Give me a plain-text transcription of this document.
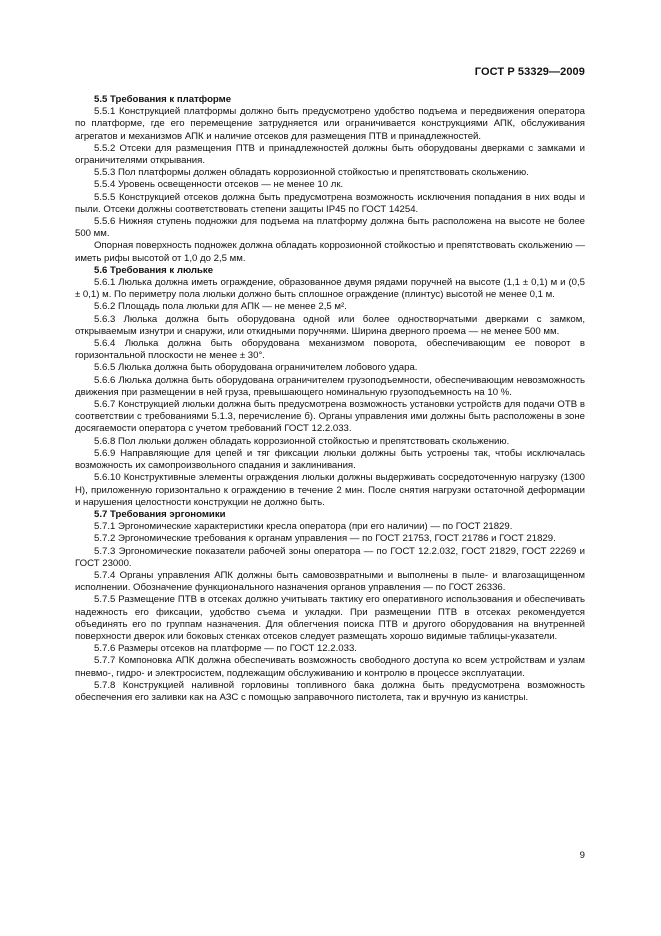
ГОСТ Р 53329—2009
5.5 Требования к платформе

5.5.1 Конструкцией платформы должно быть предусмотрено удобство подъема и передвижения оператора по платформе, где его перемещение затрудняется или ограничивается конструкциями АПК, обслуживания агрегатов и механизмов АПК и наличие отсеков для размещения ПТВ и принадлежностей.

5.5.2 Отсеки для размещения ПТВ и принадлежностей должны быть оборудованы дверками с замками и ограничителями открывания.

5.5.3 Пол платформы должен обладать коррозионной стойкостью и препятствовать скольжению.

5.5.4 Уровень освещенности отсеков — не менее 10 лк.

5.5.5 Конструкцией отсеков должна быть предусмотрена возможность исключения попадания в них воды и пыли. Отсеки должны соответствовать степени защиты IP45 по ГОСТ 14254.

5.5.6 Нижняя ступень подножки для подъема на платформу должна быть расположена на высоте не более 500 мм.

Опорная поверхность подножек должна обладать коррозионной стойкостью и препятствовать скольжению — иметь рифы высотой от 1,0 до 2,5 мм.

5.6 Требования к люльке

5.6.1 Люлька должна иметь ограждение, образованное двумя рядами поручней на высоте (1,1 ± 0,1) м и (0,5 ± 0,1) м. По периметру пола люльки должно быть сплошное ограждение (плинтус) высотой не менее 0,1 м.

5.6.2 Площадь пола люльки для АПК — не менее 2,5 м².

5.6.3 Люлька должна быть оборудована одной или более одностворчатыми дверками с замком, открываемым изнутри и снаружи, или откидными поручнями. Ширина дверного проема — не менее 500 мм.

5.6.4 Люлька должна быть оборудована механизмом поворота, обеспечивающим ее поворот в горизонтальной плоскости не менее ± 30°.

5.6.5 Люлька должна быть оборудована ограничителем лобового удара.

5.6.6 Люлька должна быть оборудована ограничителем грузоподъемности, обеспечивающим невозможность движения при размещении в ней груза, превышающего номинальную грузоподъемность на 10 %.

5.6.7 Конструкцией люльки должна быть предусмотрена возможность установки устройств для подачи ОТВ в соответствии с требованиями 5.1.3, перечисление б). Органы управления ими должны быть расположены в зоне досягаемости оператора с учетом требований ГОСТ 12.2.033.

5.6.8 Пол люльки должен обладать коррозионной стойкостью и препятствовать скольжению.

5.6.9 Направляющие для цепей и тяг фиксации люльки должны быть устроены так, чтобы исключалась возможность их самопроизвольного спадания и заклинивания.

5.6.10 Конструктивные элементы ограждения люльки должны выдерживать сосредоточенную нагрузку (1300 Н), приложенную горизонтально к ограждению в течение 2 мин. После снятия нагрузки остаточной деформации и нарушения целостности конструкции не должно быть.

5.7 Требования эргономики

5.7.1 Эргономические характеристики кресла оператора (при его наличии) — по ГОСТ 21829.

5.7.2 Эргономические требования к органам управления — по ГОСТ 21753, ГОСТ 21786 и ГОСТ 21829.

5.7.3 Эргономические показатели рабочей зоны оператора — по ГОСТ 12.2.032, ГОСТ 21829, ГОСТ 22269 и ГОСТ 23000.

5.7.4 Органы управления АПК должны быть самовозвратными и выполнены в пыле- и влагозащищенном исполнении. Обозначение функционального назначения органов управления — по ГОСТ 26336.

5.7.5 Размещение ПТВ в отсеках должно учитывать тактику его оперативного использования и обеспечивать надежность его фиксации, удобство съема и укладки. При размещении ПТВ в отсеках рекомендуется объединять его по группам назначения. Для облегчения поиска ПТВ и другого оборудования на внутренней поверхности дверок или боковых стенках отсеков следует размещать хорошо видимые таблицы-указатели.

5.7.6 Размеры отсеков на платформе — по ГОСТ 12.2.033.

5.7.7 Компоновка АПК должна обеспечивать возможность свободного доступа ко всем устройствам и узлам пневмо-, гидро- и электросистем, подлежащим обслуживанию и контролю в процессе эксплуатации.

5.7.8 Конструкцией наливной горловины топливного бака должна быть предусмотрена возможность обеспечения его заливки как на АЗС с помощью заправочного пистолета, так и вручную из канистры.

9
